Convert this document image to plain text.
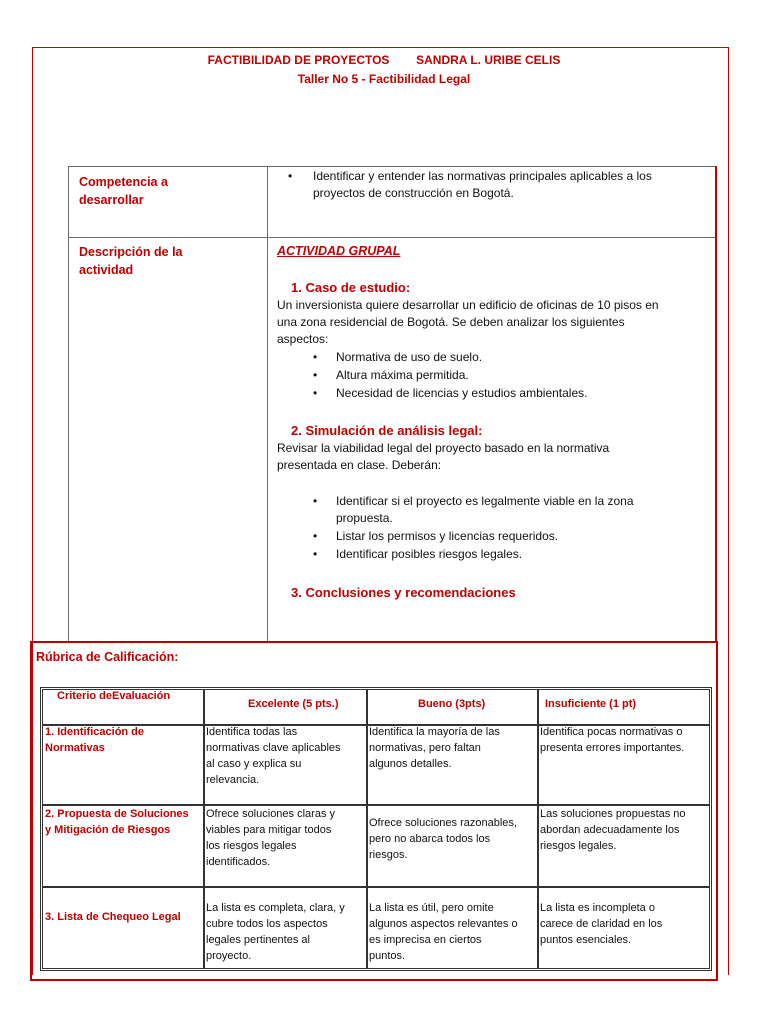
FACTIBILIDAD DE PROYECTOS        SANDRA L. URIBE CELIS
Taller No 5 - Factibilidad Legal
Competencia a
desarrollar
• Identificar y entender las normativas principales aplicables a los
proyectos de construcción en Bogotá.
Descripción de la
actividad
ACTIVIDAD GRUPAL
1. Caso de estudio:
Un inversionista quiere desarrollar un edificio de oficinas de 10 pisos en
una zona residencial de Bogotá. Se deben analizar los siguientes
aspectos:
• Normativa de uso de suelo.
• Altura máxima permitida.
• Necesidad de licencias y estudios ambientales.
2. Simulación de análisis legal:
Revisar la viabilidad legal del proyecto basado en la normativa
presentada en clase. Deberán:
• Identificar si el proyecto es legalmente viable en la zona
propuesta.
• Listar los permisos y licencias requeridos.
• Identificar posibles riesgos legales.
3. Conclusiones y recomendaciones
Rúbrica de Calificación:
Criterio deEvaluación
Excelente (5 pts.)	Bueno (3pts)	Insuficiente (1 pt)
1. Identificación de
Normativas
Identifica todas las
normativas clave aplicables
al caso y explica su
relevancia.
Identifica la mayoría de las
normativas, pero faltan
algunos detalles.
Identifica pocas normativas o
presenta errores importantes.
2. Propuesta de Soluciones
y Mitigación de Riesgos
Ofrece soluciones claras y
viables para mitigar todos
los riesgos legales
identificados.
Ofrece soluciones razonables,
pero no abarca todos los
riesgos.
Las soluciones propuestas no
abordan adecuadamente los
riesgos legales.
3. Lista de Chequeo Legal
La lista es completa, clara, y
cubre todos los aspectos
legales pertinentes al
proyecto.
La lista es útil, pero omite
algunos aspectos relevantes o
es imprecisa en ciertos
puntos.
La lista es incompleta o
carece de claridad en los
puntos esenciales.
